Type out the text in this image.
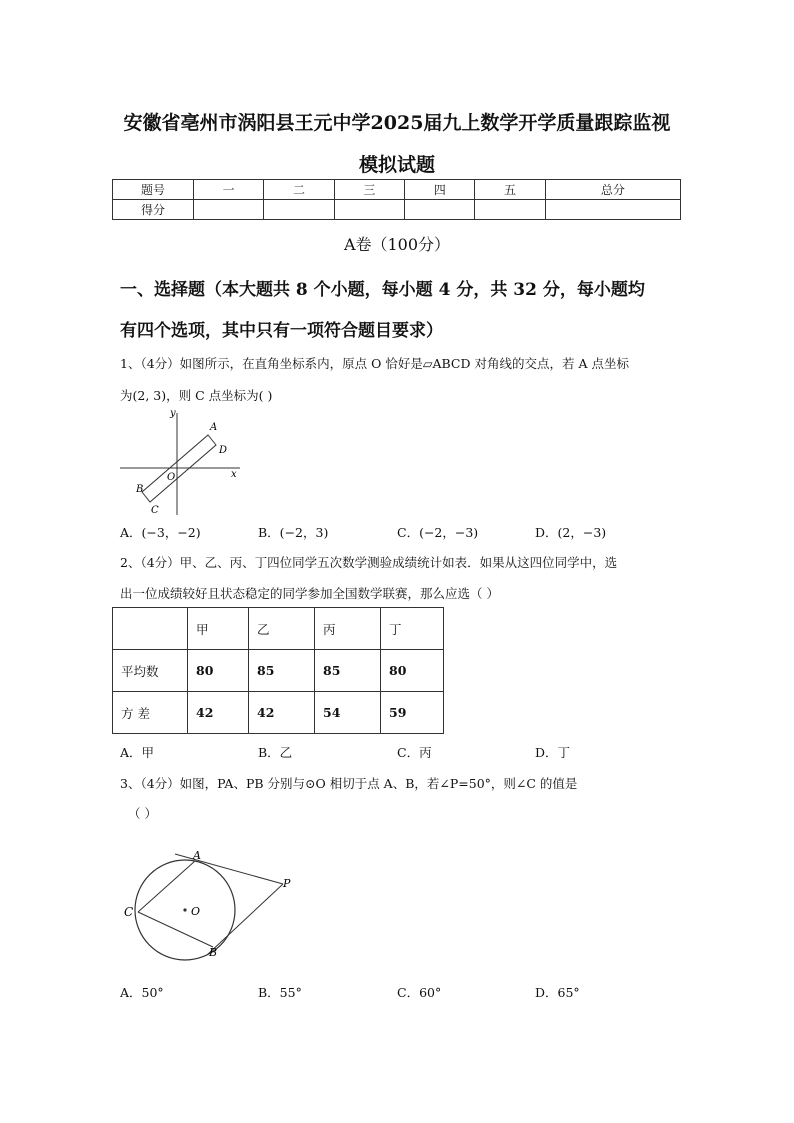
安徽省亳州市涡阳县王元中学2025届九上数学开学质量跟踪监视
模拟试题
题号	一	二	三	四	五	总分
得分						
A卷（100分）
一、选择题（本大题共 8 个小题，每小题 4 分，共 32 分，每小题均
有四个选项，其中只有一项符合题目要求）
1、（4分）如图所示，在直角坐标系内，原点 O 恰好是▱ABCD 对角线的交点，若 A 点坐标
为(2, 3)，则 C 点坐标为( )
A
D
O
B
C
x
y
A．(−3，−2)	B．(−2，3)	C．(−2，−3)	D．(2，−3)
2、（4分）甲、乙、丙、丁四位同学五次数学测验成绩统计如表．如果从这四位同学中，选
出一位成绩较好且状态稳定的同学参加全国数学联赛，那么应选（ ）
	甲	乙	丙	丁
平均数	80	85	85	80
方 差	42	42	54	59
A．甲	B．乙	C．丙	D．丁
3、（4分）如图，PA、PB 分别与⊙O 相切于点 A、B，若∠P=50°，则∠C 的值是
（ ）
A
P
C	O
B
A．50°	B．55°	C．60°	D．65°
